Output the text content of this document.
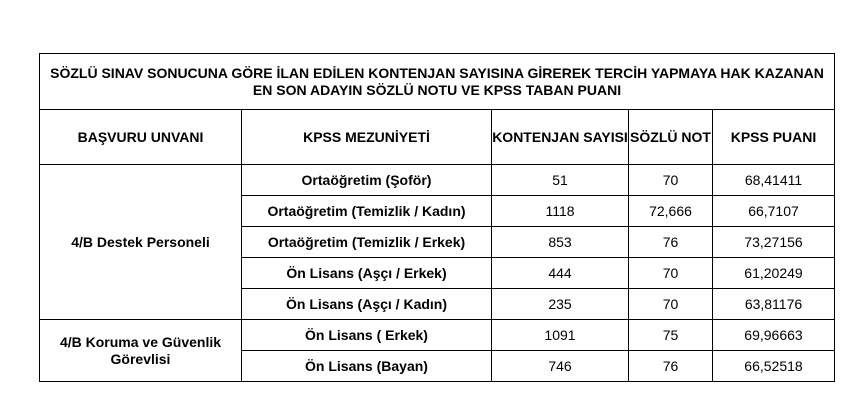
SÖZLÜ SINAV SONUCUNA GÖRE İLAN EDİLEN KONTENJAN SAYISINA GİREREK TERCİH YAPMAYA HAK KAZANAN EN SON ADAYIN SÖZLÜ NOTU VE KPSS TABAN PUANI				
BAŞVURU UNVANI	KPSS MEZUNİYETİ	KONTENJAN SAYISI	SÖZLÜ NOT	KPSS PUANI
4/B Destek Personeli	Ortaöğretim (Şoför)	51	70	68,41411
	Ortaöğretim (Temizlik / Kadın)	1118	72,666	66,7107
	Ortaöğretim (Temizlik / Erkek)	853	76	73,27156
	Ön Lisans (Aşçı / Erkek)	444	70	61,20249
	Ön Lisans (Aşçı / Kadın)	235	70	63,81176
4/B Koruma ve Güvenlik Görevlisi	Ön Lisans ( Erkek)	1091	75	69,96663
	Ön Lisans (Bayan)	746	76	66,52518
